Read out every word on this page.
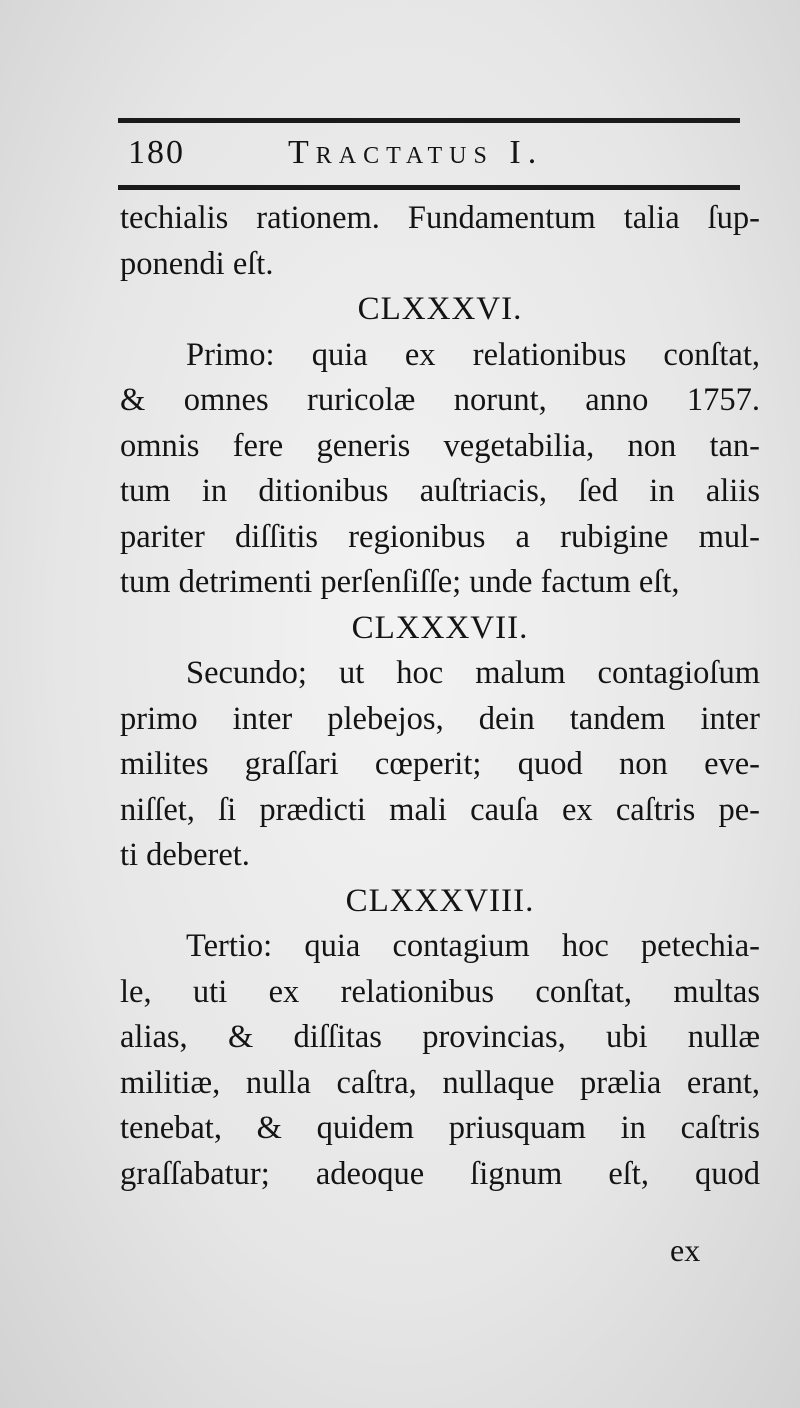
180	Tractatus I.
techialis rationem. Fundamentum talia ſup-
ponendi eſt.
CLXXXVI.
Primo: quia ex relationibus conſtat,
& omnes ruricolæ norunt, anno 1757.
omnis fere generis vegetabilia, non tan-
tum in ditionibus auſtriacis, ſed in aliis
pariter diſſitis regionibus a rubigine mul-
tum detrimenti perſenſiſſe; unde factum eſt,
CLXXXVII.
Secundo; ut hoc malum contagioſum
primo inter plebejos, dein tandem inter
milites graſſari cœperit; quod non eve-
niſſet, ſi prædicti mali cauſa ex caſtris pe-
ti deberet.
CLXXXVIII.
Tertio: quia contagium hoc petechia-
le, uti ex relationibus conſtat, multas
alias, & diſſitas provincias, ubi nullæ
militiæ, nulla caſtra, nullaque prælia erant,
tenebat, & quidem priusquam in caſtris
graſſabatur; adeoque ſignum eſt, quod
ex
